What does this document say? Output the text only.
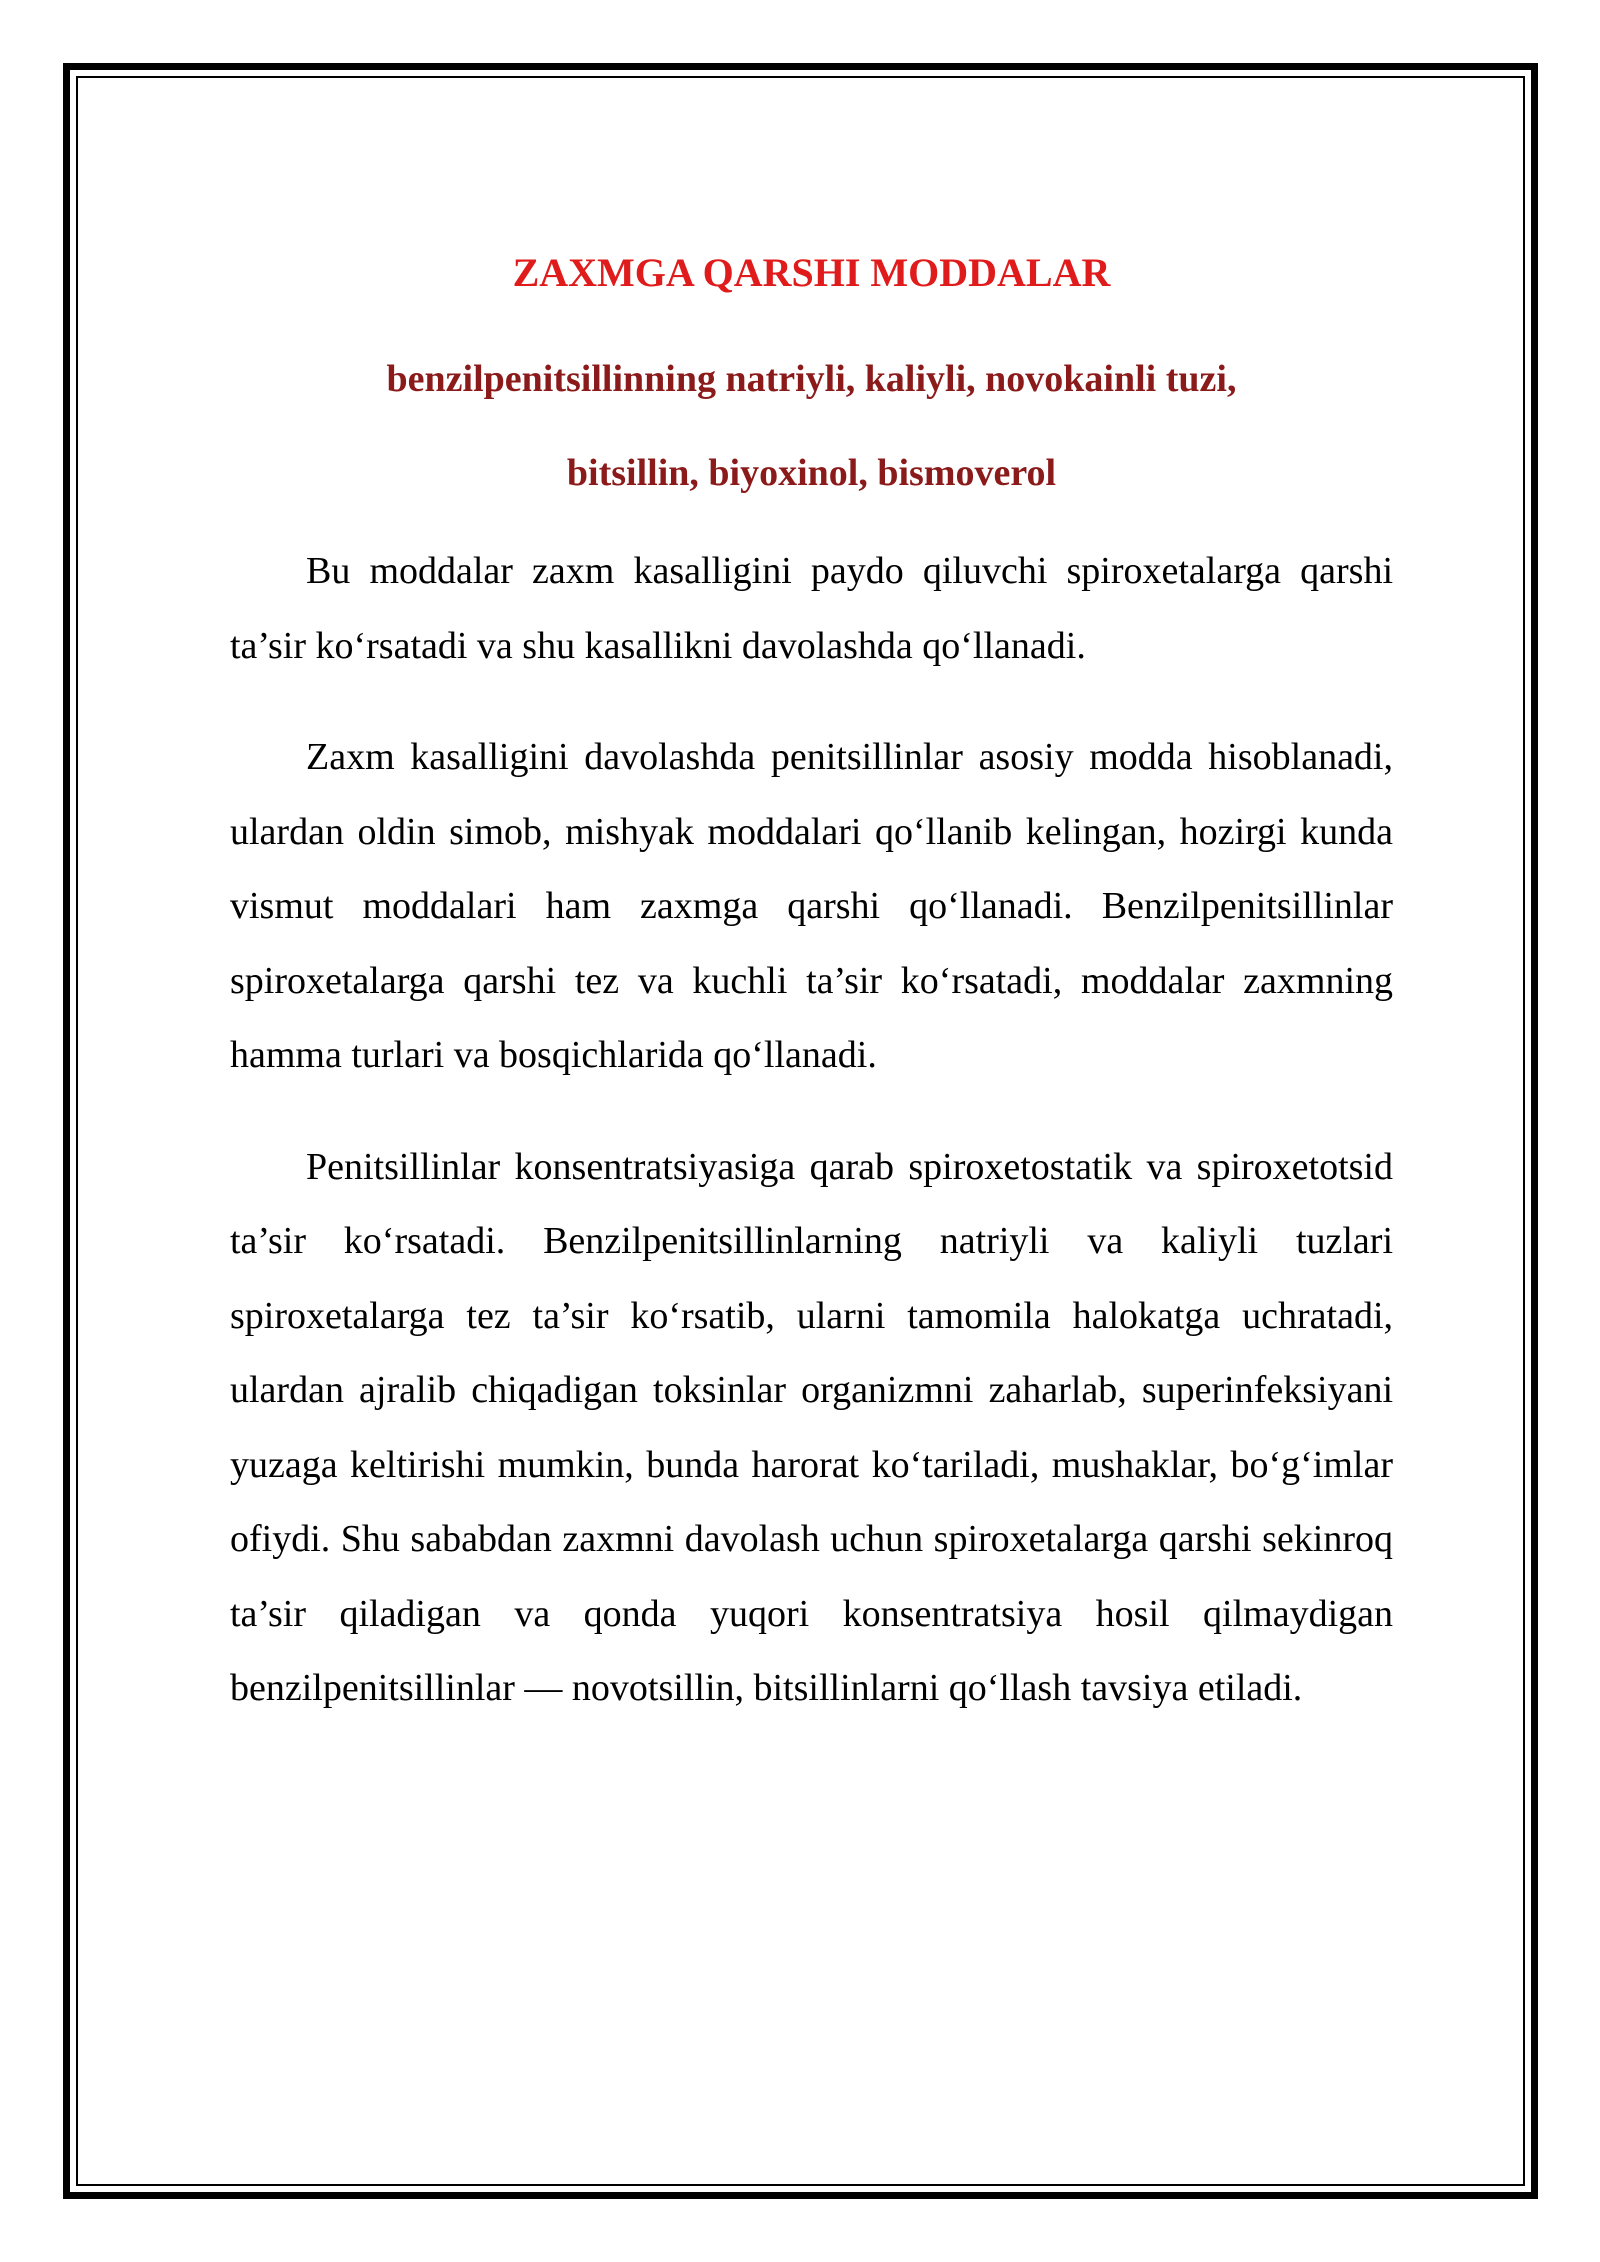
ZAXMGA QARSHI MODDALAR
benzilpenitsillinning natriyli, kaliyli, novokainli tuzi,
bitsillin, biyoxinol, bismoverol

Bu moddalar zaxm kasalligini paydo qiluvchi spiroxetalarga qarshi ta’sir ko‘rsatadi va shu kasallikni davolashda qo‘llanadi.

Zaxm kasalligini davolashda penitsillinlar asosiy modda hisoblanadi, ulardan oldin simob, mishyak moddalari qo‘llanib kelingan, hozirgi kunda vismut moddalari ham zaxmga qarshi qo‘llanadi. Benzilpenitsillinlar spiroxetalarga qarshi tez va kuchli ta’sir ko‘rsatadi, moddalar zaxmning hamma turlari va bosqichlarida qo‘llanadi.

Penitsillinlar konsentratsiyasiga qarab spiroxetostatik va spiroxetotsid ta’sir ko‘rsatadi. Benzilpenitsillinlarning natriyli va kaliyli tuzlari spiroxetalarga tez ta’sir ko‘rsatib, ularni tamomila halokatga uchratadi, ulardan ajralib chiqadigan toksinlar organizmni zaharlab, superinfeksiyani yuzaga keltirishi mumkin, bunda harorat ko‘tariladi, mushaklar, bo‘g‘imlar ofiydi. Shu sababdan zaxmni davolash uchun spiroxetalarga qarshi sekinroq ta’sir qiladigan va qonda yuqori konsentratsiya hosil qilmaydigan benzilpenitsillinlar — novotsillin, bitsillinlarni qo‘llash tavsiya etiladi.
